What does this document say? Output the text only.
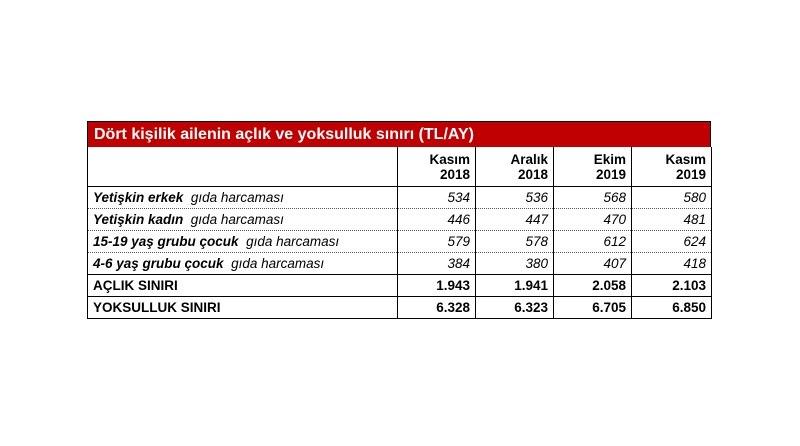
Dört kişilik ailenin açlık ve yoksulluk sınırı (TL/AY)
	Kasım	Aralık	Ekim	Kasım
	2018	2018	2019	2019
Yetişkin erkek gıda harcaması	534	536	568	580
Yetişkin kadın gıda harcaması	446	447	470	481
15-19 yaş grubu çocuk gıda harcaması	579	578	612	624
4-6 yaş grubu çocuk gıda harcaması	384	380	407	418
AÇLIK SINIRI	1.943	1.941	2.058	2.103
YOKSULLUK SINIRI	6.328	6.323	6.705	6.850
